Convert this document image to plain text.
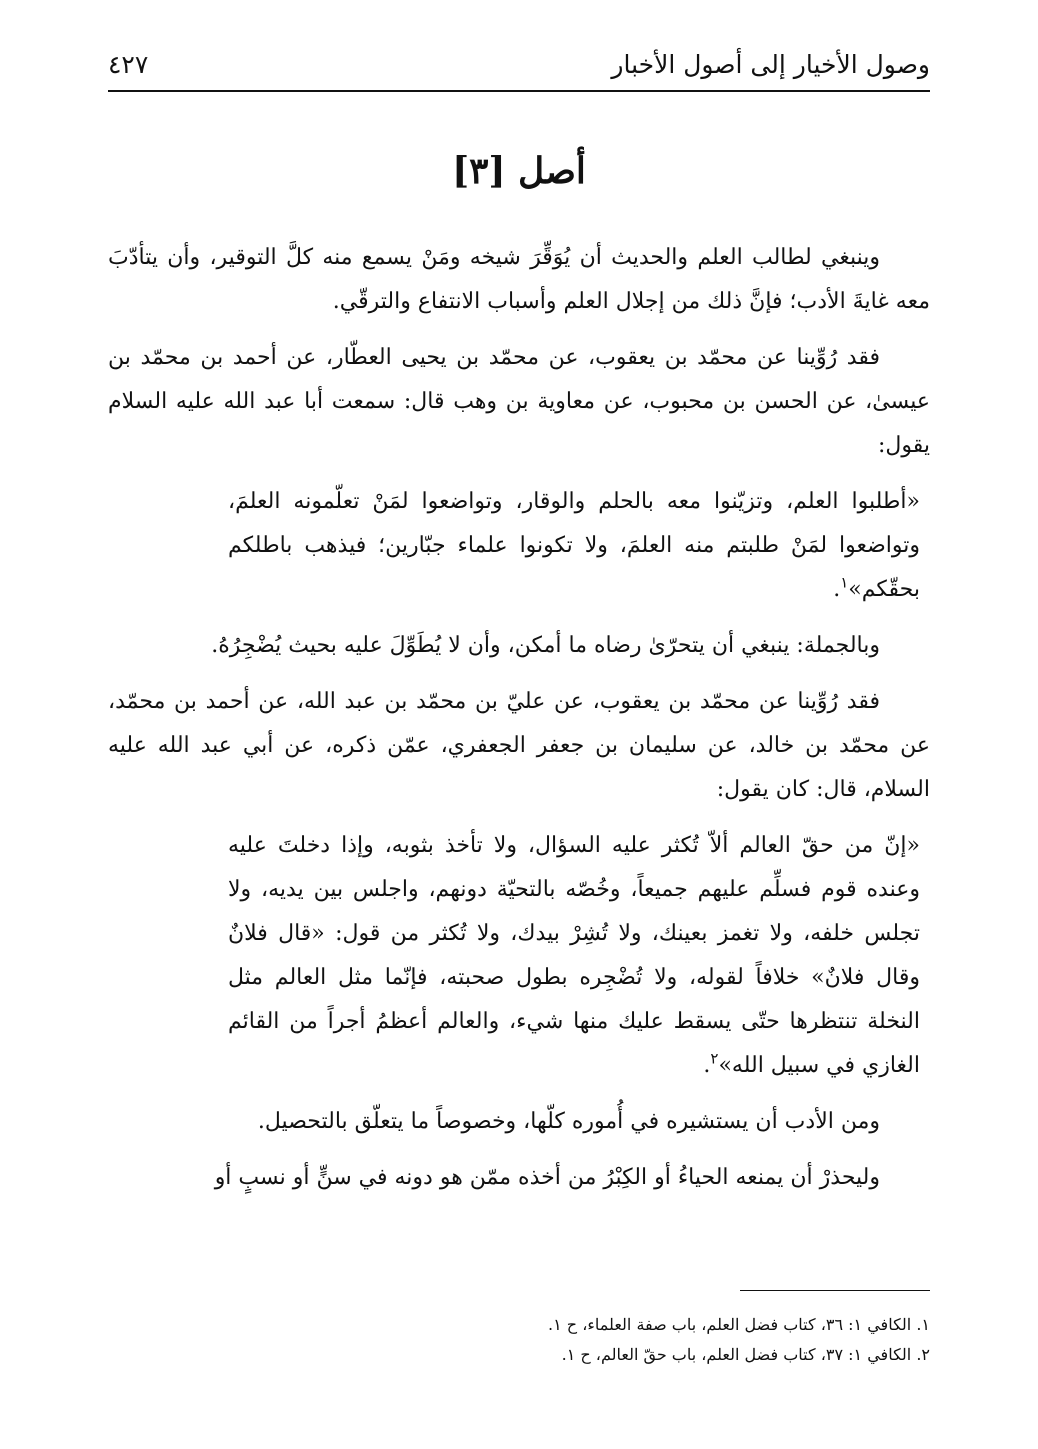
وصول الأخيار إلى أصول الأخبار
٤٢٧
أصل [٣]

وينبغي لطالب العلم والحديث أن يُوَقِّرَ شيخه ومَنْ يسمع منه كلَّ التوقير، وأن يتأدّبَ معه غايةَ الأدب؛ فإنَّ ذلك من إجلال العلم وأسباب الانتفاع والترقّي.

فقد رُوِّينا عن محمّد بن يعقوب، عن محمّد بن يحيى العطّار، عن أحمد بن محمّد بن عيسىٰ، عن الحسن بن محبوب، عن معاوية بن وهب قال: سمعت أبا عبد الله عليه السلام يقول:

«أطلبوا العلم، وتزيّنوا معه بالحلم والوقار، وتواضعوا لمَنْ تعلّمونه العلمَ، وتواضعوا لمَنْ طلبتم منه العلمَ، ولا تكونوا علماء جبّارين؛ فيذهب باطلكم بحقّكم»$^١$.

وبالجملة: ينبغي أن يتحرّىٰ رضاه ما أمكن، وأن لا يُطَوِّلَ عليه بحيث يُضْجِرُهُ.

فقد رُوِّينا عن محمّد بن يعقوب، عن عليّ بن محمّد بن عبد الله، عن أحمد بن محمّد، عن محمّد بن خالد، عن سليمان بن جعفر الجعفري، عمّن ذكره، عن أبي عبد الله عليه السلام، قال: كان يقول:

«إنّ من حقّ العالم ألاّ تُكثر عليه السؤال، ولا تأخذ بثوبه، وإذا دخلتَ عليه وعنده قوم فسلِّم عليهم جميعاً، وخُصّه بالتحيّة دونهم، واجلس بين يديه، ولا تجلس خلفه، ولا تغمز بعينك، ولا تُشِرْ بيدك، ولا تُكثر من قول: «قال فلانٌ وقال فلانٌ» خلافاً لقوله، ولا تُضْجِره بطول صحبته، فإنّما مثل العالم مثل النخلة تنتظرها حتّى يسقط عليك منها شيء، والعالم أعظمُ أجراً من القائم الغازي في سبيل الله»$^٢$.

ومن الأدب أن يستشيره في أُموره كلّها، وخصوصاً ما يتعلّق بالتحصيل.

وليحذرْ أن يمنعه الحياءُ أو الكِبْرُ من أخذه ممّن هو دونه في سنٍّ أو نسبٍ أو

١. الكافي ١: ٣٦، كتاب فضل العلم، باب صفة العلماء، ح ١.

٢. الكافي ١: ٣٧، كتاب فضل العلم، باب حقّ العالم، ح ١.
